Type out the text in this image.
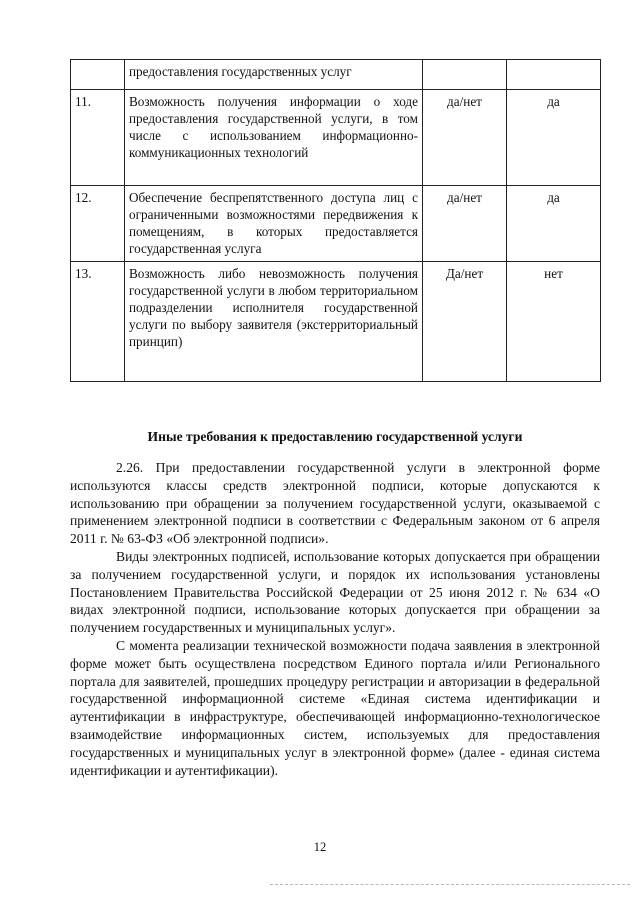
	предоставления государственных услуг		
11.	Возможность получения информации о ходе предоставления государственной услуги, в том числе с использованием информационно-коммуникационных технологий	да/нет	да
12.	Обеспечение беспрепятственного доступа лиц с ограниченными возможностями передвижения к помещениям, в которых предоставляется государственная услуга	да/нет	да
13.	Возможность либо невозможность получения государственной услуги в любом территориальном подразделении исполнителя государственной услуги по выбору заявителя (экстерриториальный принцип)	Да/нет	нет
Иные требования к предоставлению государственной услуги

2.26. При предоставлении государственной услуги в электронной форме используются классы средств электронной подписи, которые допускаются к использованию при обращении за получением государственной услуги, оказываемой с применением электронной подписи в соответствии с Федеральным законом от 6 апреля 2011 г. № 63-ФЗ «Об электронной подписи».

Виды электронных подписей, использование которых допускается при обращении за получением государственной услуги, и порядок их использования установлены Постановлением Правительства Российской Федерации от 25 июня 2012 г. № 634 «О видах электронной подписи, использование которых допускается при обращении за получением государственных и муниципальных услуг».

С момента реализации технической возможности подача заявления в электронной форме может быть осуществлена посредством Единого портала и/или Регионального портала для заявителей, прошедших процедуру регистрации и авторизации в федеральной государственной информационной системе «Единая система идентификации и аутентификации в инфраструктуре, обеспечивающей информационно-технологическое взаимодействие информационных систем, используемых для предоставления государственных и муниципальных услуг в электронной форме» (далее - единая система идентификации и аутентификации).

12
